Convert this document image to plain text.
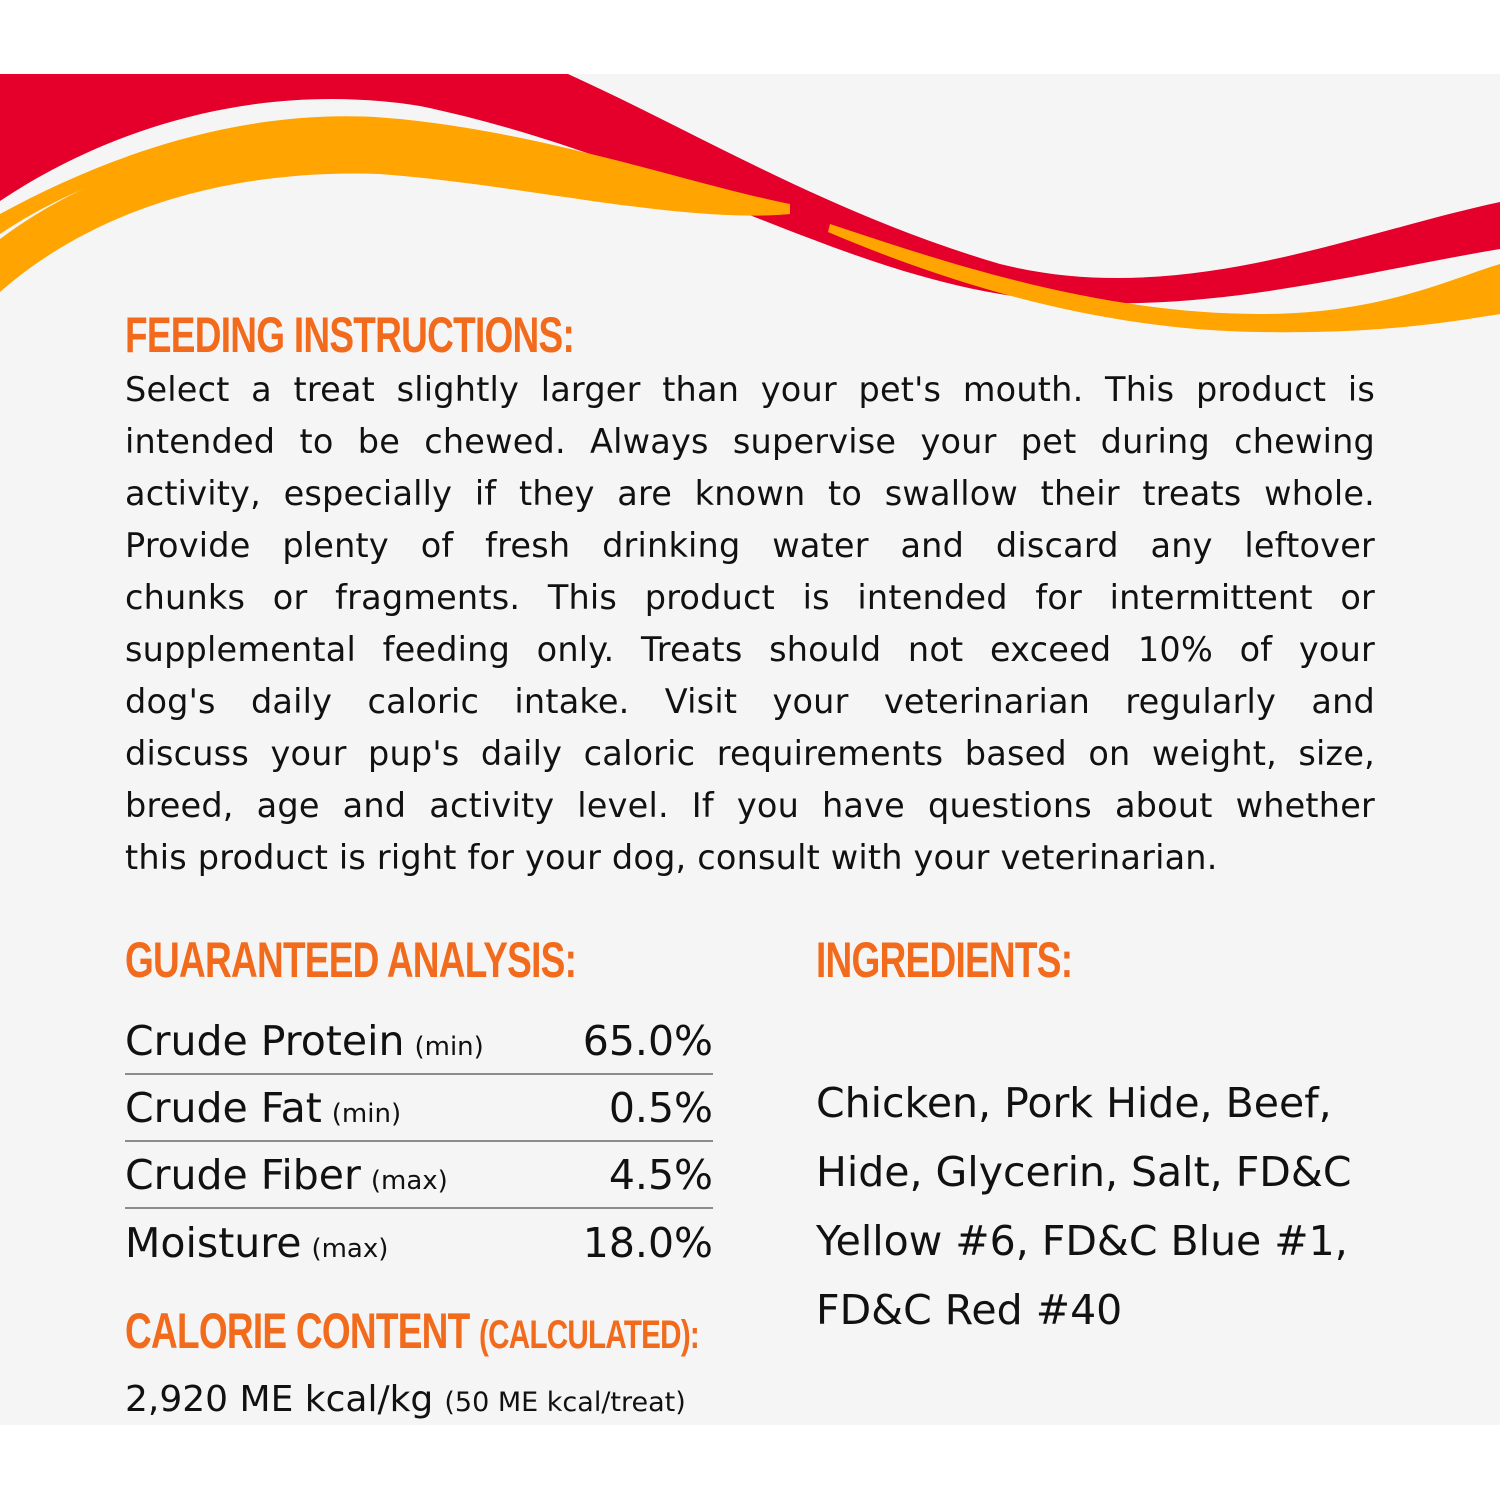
FEEDING INSTRUCTIONS:
Select a treat slightly larger than your pet's mouth. This product is
intended to be chewed. Always supervise your pet during chewing
activity, especially if they are known to swallow their treats whole.
Provide plenty of fresh drinking water and discard any leftover
chunks or fragments. This product is intended for intermittent or
supplemental feeding only. Treats should not exceed 10% of your
dog's daily caloric intake. Visit your veterinarian regularly and
discuss your pup's daily caloric requirements based on weight, size,
breed, age and activity level. If you have questions about whether
this product is right for your dog, consult with your veterinarian.
GUARANTEED ANALYSIS:
Crude Protein (min) 65.0%
Crude Fat (min)	0.5%
Crude Fiber (max)	4.5%
Moisture (max)	18.0%
INGREDIENTS:
Chicken, Pork Hide, Beef,
Hide, Glycerin, Salt, FD&C
Yellow #6, FD&C Blue #1,
FD&C Red #40
CALORIE CONTENT (CALCULATED):
2,920 ME kcal/kg (50 ME kcal/treat)
